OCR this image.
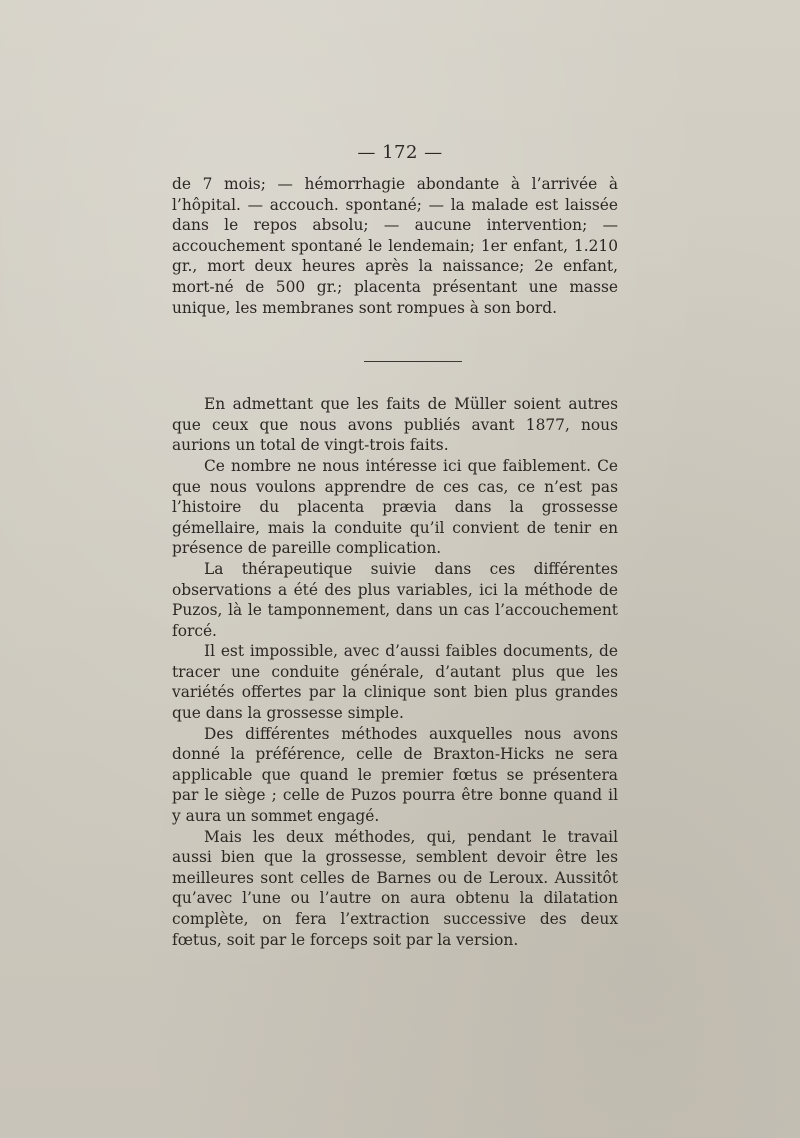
— 172 —

de 7 mois; — hémorrhagie abondante à l’arrivée à l’hôpital. — accouch. spontané; — la malade est laissée dans le repos absolu; — aucune intervention; — accouchement spontané le lendemain; 1er enfant, 1.210 gr., mort deux heures après la naissance; 2e enfant, mort-né de 500 gr.; placenta présentant une masse unique, les membranes sont rompues à son bord.

En admettant que les faits de Müller soient autres que ceux que nous avons publiés avant 1877, nous aurions un total de vingt-trois faits.

Ce nombre ne nous intéresse ici que faiblement. Ce que nous voulons apprendre de ces cas, ce n’est pas l’histoire du placenta prævia dans la grossesse gémellaire, mais la conduite qu’il convient de tenir en présence de pareille complication.

La thérapeutique suivie dans ces différentes observations a été des plus variables, ici la méthode de Puzos, là le tamponnement, dans un cas l’accouchement forcé.

Il est impossible, avec d’aussi faibles documents, de tracer une conduite générale, d’autant plus que les variétés offertes par la clinique sont bien plus grandes que dans la grossesse simple.

Des différentes méthodes auxquelles nous avons donné la préférence, celle de Braxton-Hicks ne sera applicable que quand le premier fœtus se présentera par le siège ; celle de Puzos pourra être bonne quand il y aura un sommet engagé.

Mais les deux méthodes, qui, pendant le travail aussi bien que la grossesse, semblent devoir être les meilleures sont celles de Barnes ou de Leroux. Aussitôt qu’avec l’une ou l’autre on aura obtenu la dilatation complète, on fera l’extraction successive des deux fœtus, soit par le forceps soit par la version.
